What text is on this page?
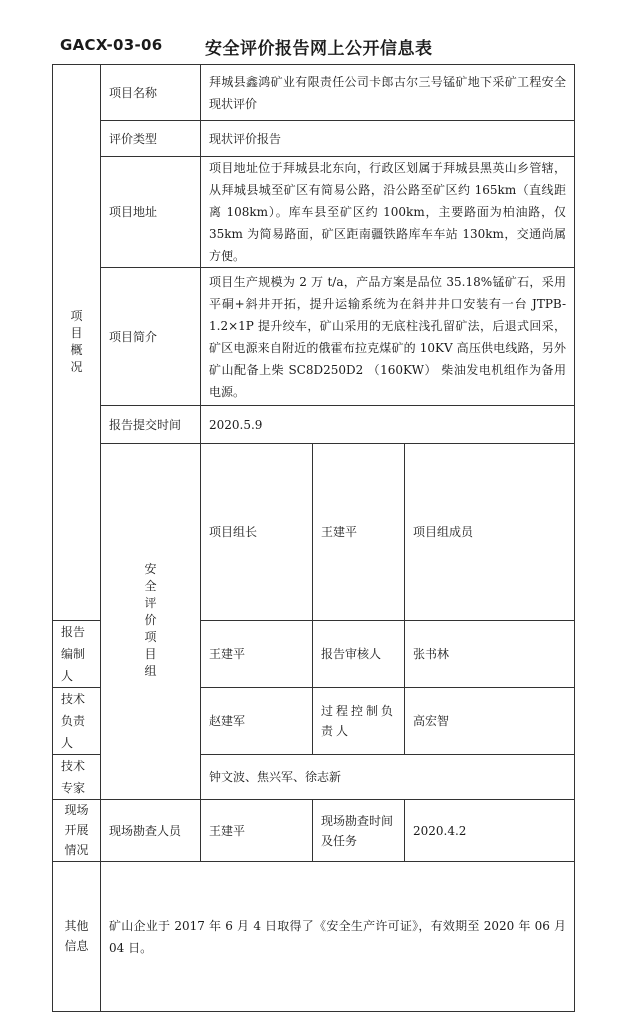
GACX-03-06	安全评价报告网上公开信息表
项目概况	项目名称	拜城县鑫鸿矿业有限责任公司卡郎古尔三号锰矿地下采矿工程安全现状评价			
	评价类型	现状评价报告			
	项目地址	项目地址位于拜城县北东向，行政区划属于拜城县黑英山乡管辖，从拜城县城至矿区有简易公路，沿公路至矿区约 165km（直线距离 108km）。库车县至矿区约 100km，主要路面为柏油路，仅 35km 为简易路面，矿区距南疆铁路库车车站 130km，交通尚属方便。			
	项目简介	项目生产规模为 2 万 t/a，产品方案是品位 35.18%锰矿石，采用平硐+斜井开拓，提升运输系统为在斜井井口安装有一台 JTPB-1.2×1P 提升绞车，矿山采用的无底柱浅孔留矿法，后退式回采，矿区电源来自附近的俄霍布拉克煤矿的 10KV 高压供电线路，另外矿山配备上柴 SC8D250D2 （160KW） 柴油发电机组作为备用电源。			
	报告提交时间	2020.5.9			
	安全评价项目组	项目组长	王建平	项目组成员	
报告编制人		王建平	报告审核人	张书林	
技术负责人		赵建军	过程控制负责人	高宏智	
技术专家		钟文波、焦兴军、徐志新			
现场开展情况	现场勘查人员	王建平	现场勘查时间及任务	2020.4.2	
其他信息	矿山企业于 2017 年 6 月 4 日取得了《安全生产许可证》，有效期至 2020 年 06 月 04 日。				
